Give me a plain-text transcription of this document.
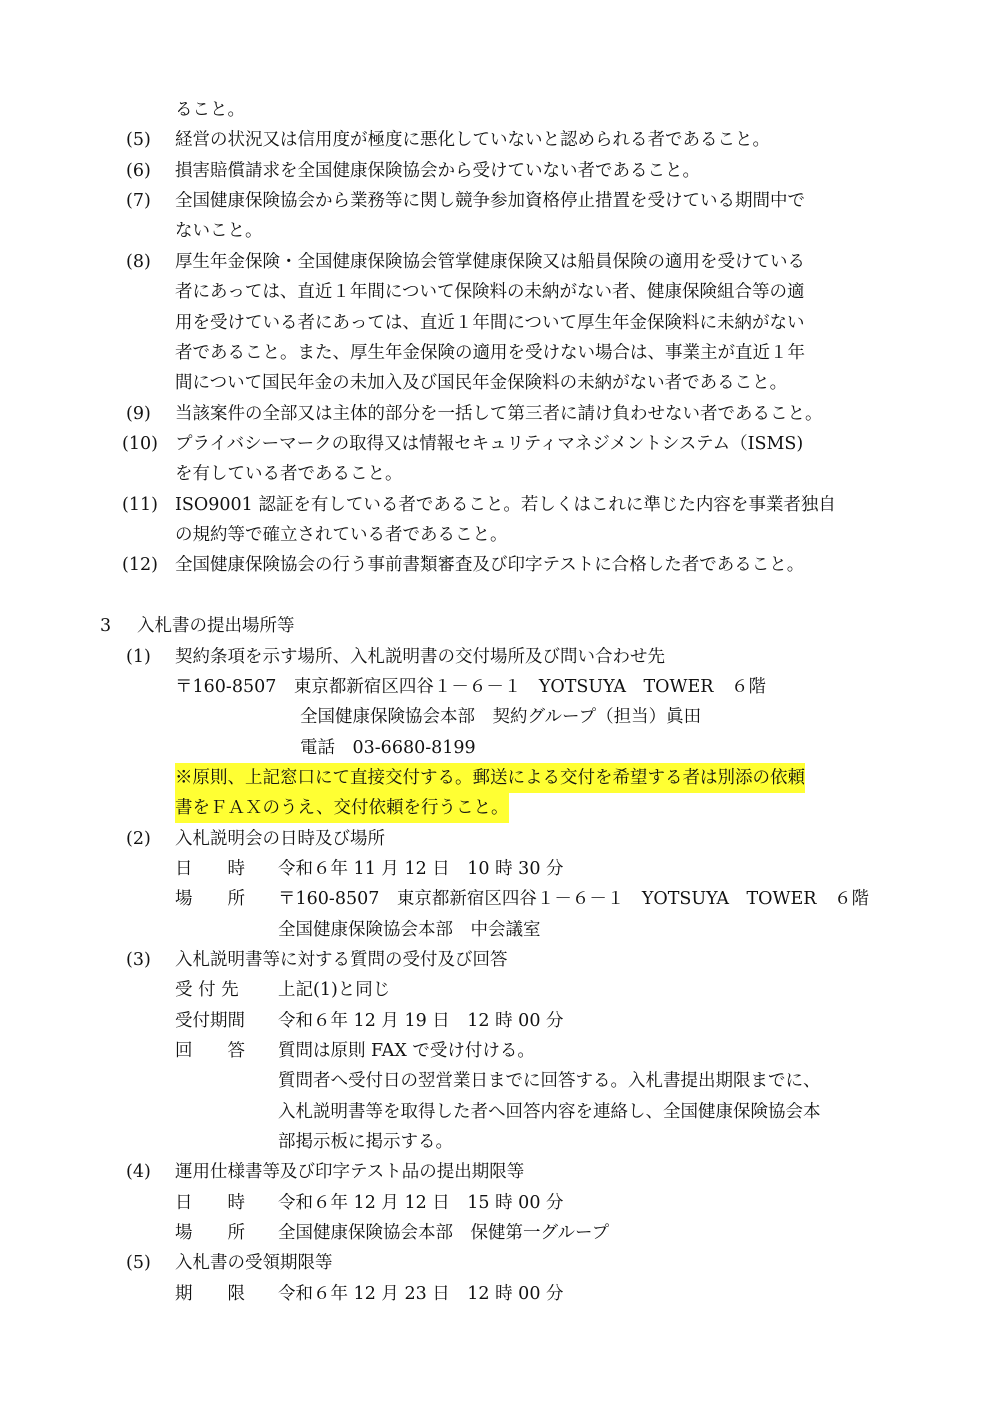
ること。
(5) 経営の状況又は信用度が極度に悪化していないと認められる者であること。
(6) 損害賠償請求を全国健康保険協会から受けていない者であること。
(7) 全国健康保険協会から業務等に関し競争参加資格停止措置を受けている期間中で
ないこと。
(8) 厚生年金保険・全国健康保険協会管掌健康保険又は船員保険の適用を受けている
者にあっては、直近１年間について保険料の未納がない者、健康保険組合等の適
用を受けている者にあっては、直近１年間について厚生年金保険料に未納がない
者であること。また、厚生年金保険の適用を受けない場合は、事業主が直近１年
間について国民年金の未加入及び国民年金保険料の未納がない者であること。
(9) 当該案件の全部又は主体的部分を一括して第三者に請け負わせない者であること。
(10) プライバシーマークの取得又は情報セキュリティマネジメントシステム（ISMS)
を有している者であること。
(11) ISO9001 認証を有している者であること。若しくはこれに準じた内容を事業者独自
の規約等で確立されている者であること。
(12) 全国健康保険協会の行う事前書類審査及び印字テストに合格した者であること。
3 入札書の提出場所等
(1) 契約条項を示す場所、入札説明書の交付場所及び問い合わせ先
〒160-8507　東京都新宿区四谷１－６－１　YOTSUYA　TOWER　６階
全国健康保険協会本部　契約グループ（担当）眞田
電話　03-6680-8199
※原則、上記窓口にて直接交付する。郵送による交付を希望する者は別添の依頼
書をＦＡＸのうえ、交付依頼を行うこと。
(2) 入札説明会の日時及び場所
日　　時 令和６年 11 月 12 日　10 時 30 分
場　　所 〒160-8507　東京都新宿区四谷１－６－１　YOTSUYA　TOWER　６階
全国健康保険協会本部　中会議室
(3) 入札説明書等に対する質問の受付及び回答
受 付 先 上記(1)と同じ
受付期間 令和６年 12 月 19 日　12 時 00 分
回　　答 質問は原則 FAX で受け付ける。
質問者へ受付日の翌営業日までに回答する。入札書提出期限までに、
入札説明書等を取得した者へ回答内容を連絡し、全国健康保険協会本
部掲示板に掲示する。
(4) 運用仕様書等及び印字テスト品の提出期限等
日　　時 令和６年 12 月 12 日　15 時 00 分
場　　所 全国健康保険協会本部　保健第一グループ
(5) 入札書の受領期限等
期　　限 令和６年 12 月 23 日　12 時 00 分
